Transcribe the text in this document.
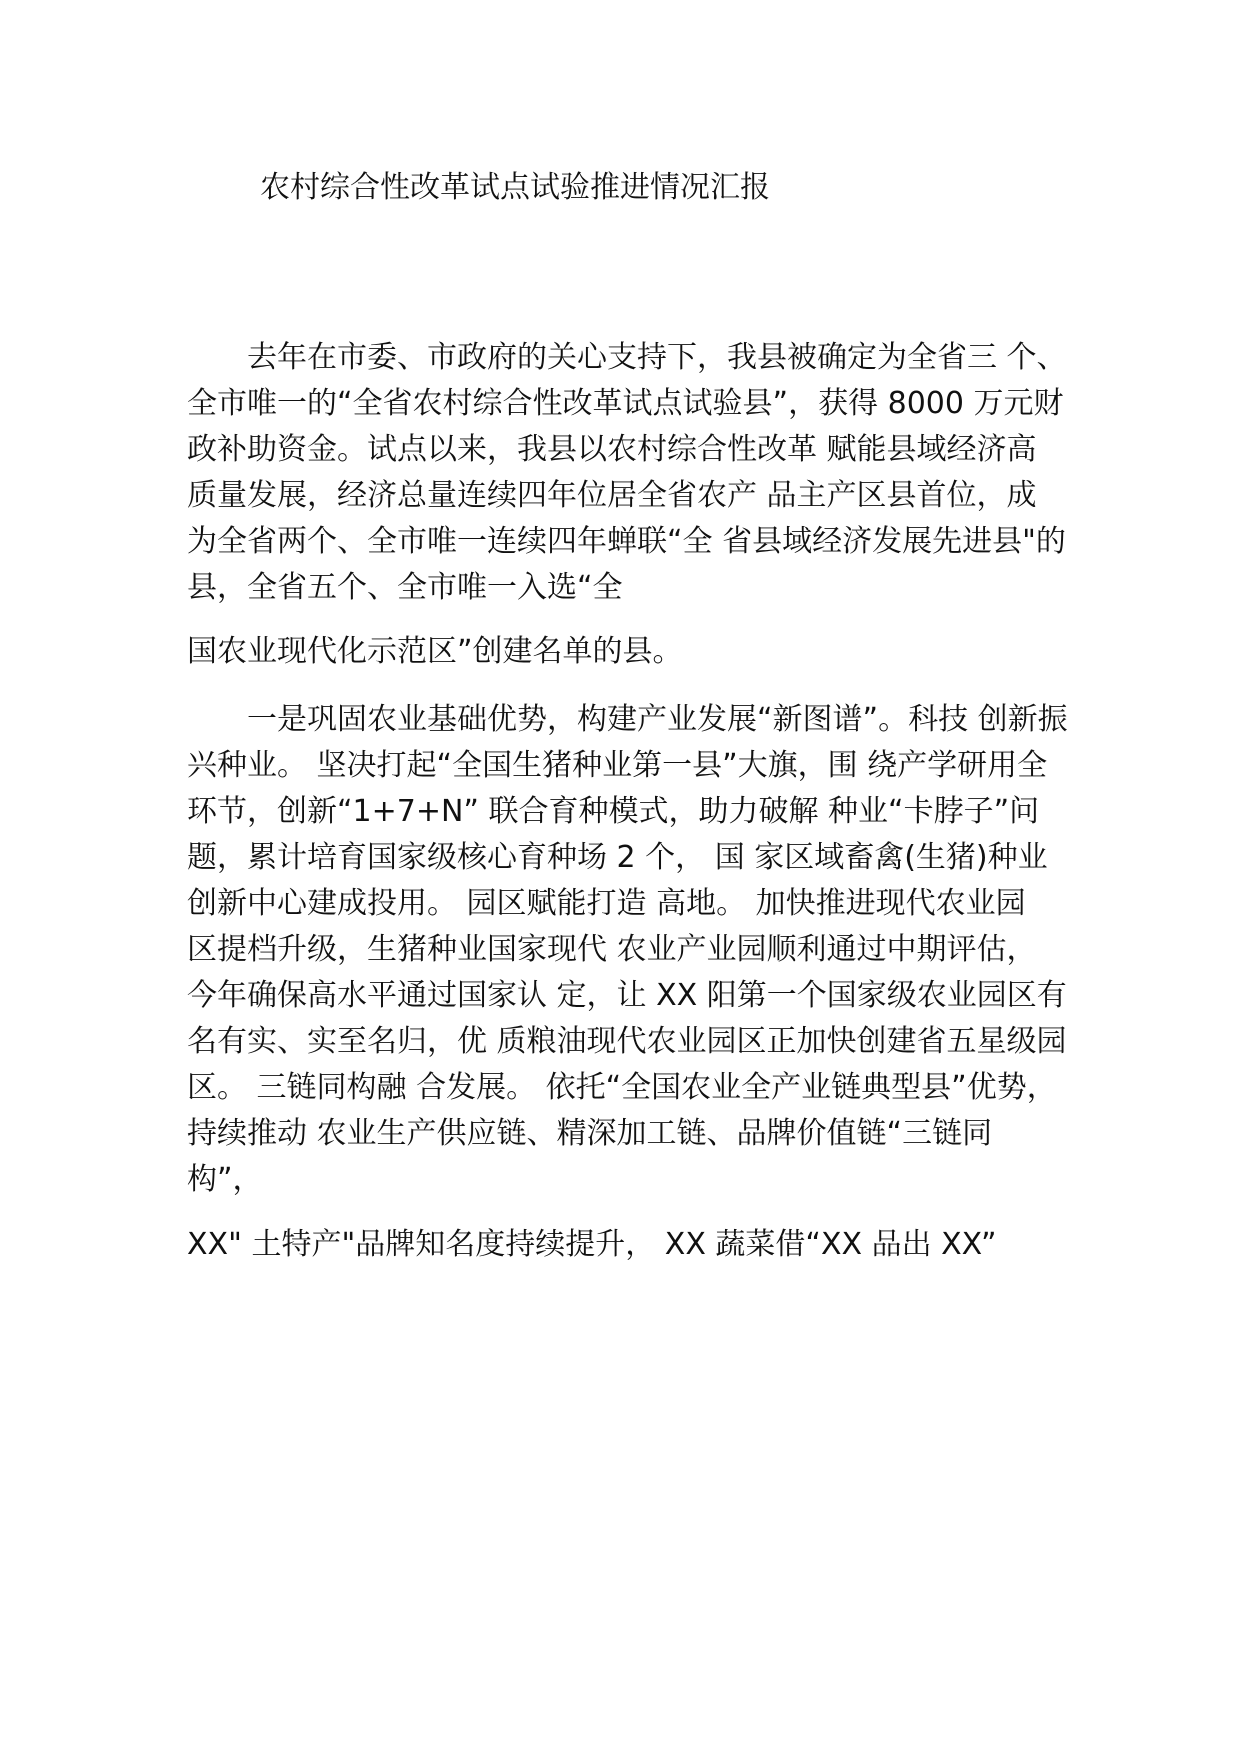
农村综合性改革试点试验推进情况汇报
　　去年在市委、市政府的关心支持下，我县被确定为全省三 个、
全市唯一的“全省农村综合性改革试点试验县”，获得 8000 万元财
政补助资金。试点以来，我县以农村综合性改革 赋能县域经济高
质量发展，经济总量连续四年位居全省农产 品主产区县首位，成
为全省两个、全市唯一连续四年蝉联“全 省县域经济发展先进县"的
县，全省五个、全市唯一入选“全
国农业现代化示范区”创建名单的县。
　　一是巩固农业基础优势，构建产业发展“新图谱”。科技 创新振
兴种业。 坚决打起“全国生猪种业第一县”大旗，围 绕产学研用全
环节，创新“1+7+N” 联合育种模式，助力破解 种业“卡脖子”问
题，累计培育国家级核心育种场 2 个， 国 家区域畜禽(生猪)种业
创新中心建成投用。 园区赋能打造 高地。 加快推进现代农业园
区提档升级，生猪种业国家现代 农业产业园顺利通过中期评估，
今年确保高水平通过国家认 定，让 XX 阳第一个国家级农业园区有
名有实、实至名归，优 质粮油现代农业园区正加快创建省五星级园
区。 三链同构融 合发展。 依托“全国农业全产业链典型县”优势，
持续推动 农业生产供应链、精深加工链、品牌价值链“三链同
构”，
XX" 土特产"品牌知名度持续提升， XX 蔬菜借“XX 品出 XX”
